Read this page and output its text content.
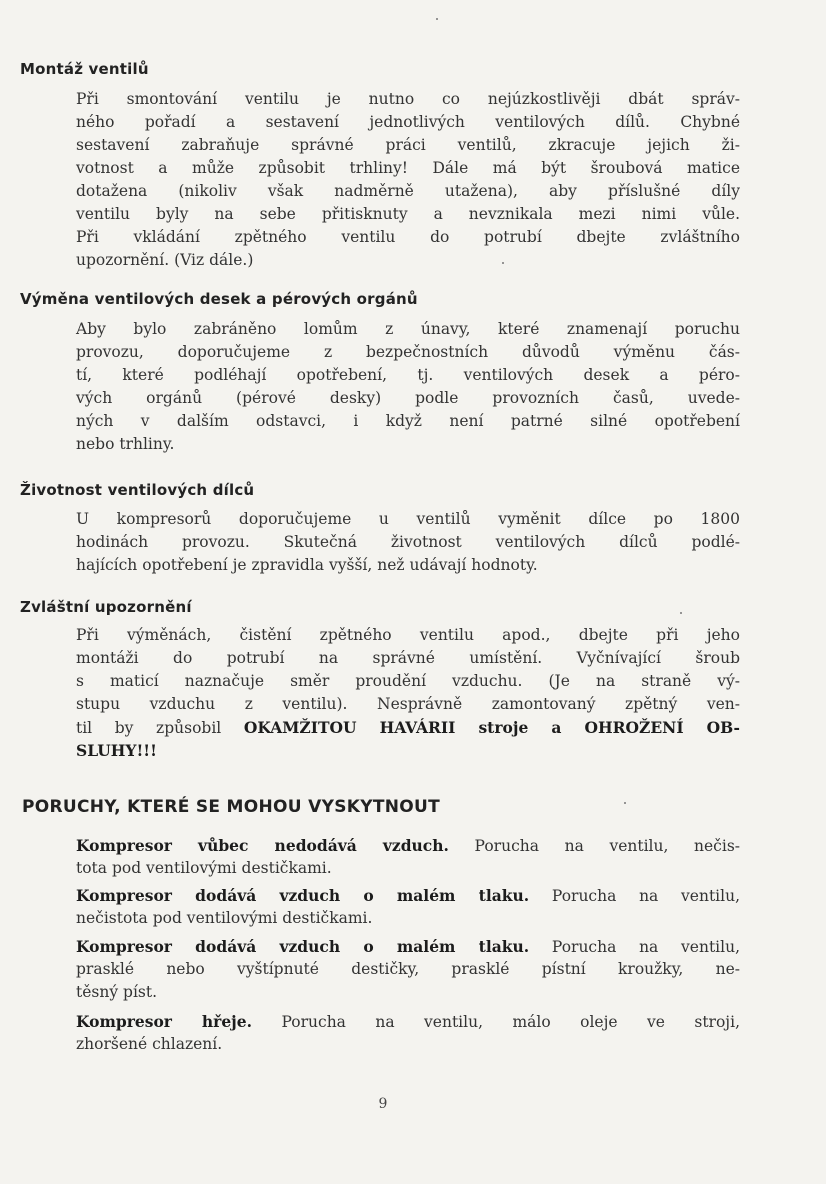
Montáž ventilů
Při smontování ventilu je nutno co nejúzkostlivěji dbát správ-
ného pořadí a sestavení jednotlivých ventilových dílů. Chybné
sestavení zabraňuje správné práci ventilů, zkracuje jejich ži-
votnost a může způsobit trhliny! Dále má být šroubová matice
dotažena (nikoliv však nadměrně utažena), aby příslušné díly
ventilu byly na sebe přitisknuty a nevznikala mezi nimi vůle.
Při vkládání zpětného ventilu do potrubí dbejte zvláštního
upozornění. (Viz dále.)
Výměna ventilových desek a pérových orgánů
Aby bylo zabráněno lomům z únavy, které znamenají poruchu
provozu, doporučujeme z bezpečnostních důvodů výměnu čás-
tí, které podléhají opotřebení, tj. ventilových desek a péro-
vých orgánů (pérové desky) podle provozních časů, uvede-
ných v dalším odstavci, i když není patrné silné opotřebení
nebo trhliny.
Životnost ventilových dílců
U kompresorů doporučujeme u ventilů vyměnit dílce po 1800
hodinách provozu. Skutečná životnost ventilových dílců podlé-
hajících opotřebení je zpravidla vyšší, než udávají hodnoty.
Zvláštní upozornění
Při výměnách, čistění zpětného ventilu apod., dbejte při jeho
montáži do potrubí na správné umístění. Vyčnívající šroub
s maticí naznačuje směr proudění vzduchu. (Je na straně vý-
stupu vzduchu z ventilu). Nesprávně zamontovaný zpětný ven-
til by způsobil OKAMŽITOU HAVÁRII stroje a OHROŽENÍ OB-
SLUHY!!!
PORUCHY, KTERÉ SE MOHOU VYSKYTNOUT
Kompresor vůbec nedodává vzduch. Porucha na ventilu, nečis-
tota pod ventilovými destičkami.
Kompresor dodává vzduch o malém tlaku. Porucha na ventilu,
nečistota pod ventilovými destičkami.
Kompresor dodává vzduch o malém tlaku. Porucha na ventilu,
prasklé nebo vyštípnuté destičky, prasklé pístní kroužky, ne-
těsný píst.
Kompresor hřeje. Porucha na ventilu, málo oleje ve stroji,
zhoršené chlazení.
9
